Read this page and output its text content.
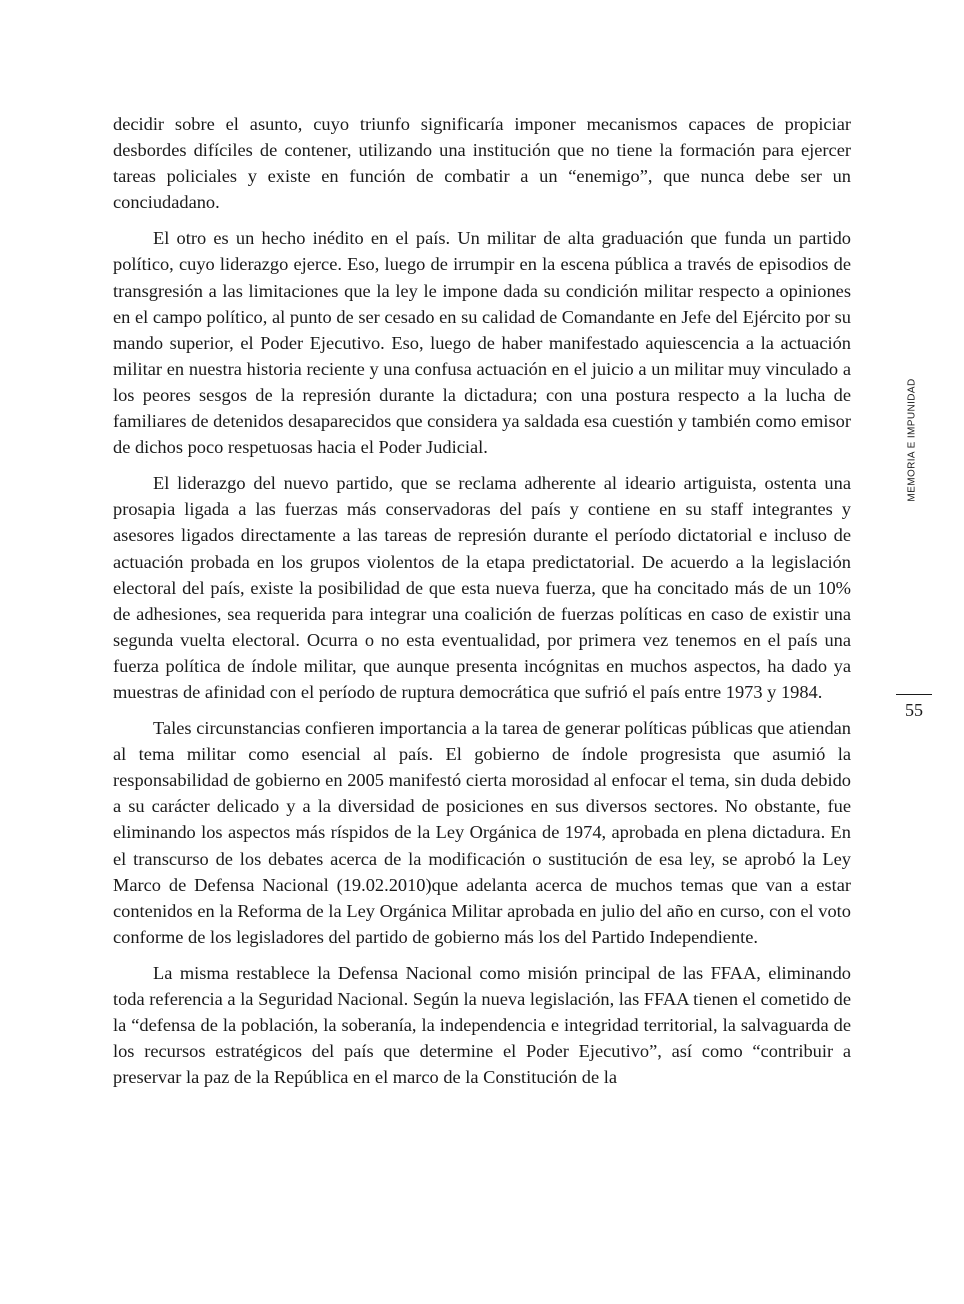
decidir sobre el asunto, cuyo triunfo significaría imponer mecanismos capaces de propiciar desbordes difíciles de contener, utilizando una institución que no tiene la formación para ejercer tareas policiales y existe en función de combatir a un “enemigo”, que nunca debe ser un conciudadano.

El otro es un hecho inédito en el país. Un militar de alta graduación que funda un partido político, cuyo liderazgo ejerce. Eso, luego de irrumpir en la escena pública a través de episodios de transgresión a las limitaciones que la ley le impone dada su condición militar respecto a opiniones en el campo político, al punto de ser cesado en su calidad de Comandante en Jefe del Ejército por su mando superior, el Poder Ejecutivo. Eso, luego de haber manifestado aquiescencia a la actuación militar en nuestra historia reciente y una confusa actuación en el juicio a un militar muy vinculado a los peores sesgos de la represión durante la dictadura; con una postura respecto a la lucha de familiares de detenidos desaparecidos que considera ya saldada esa cuestión y también como emisor de dichos poco respetuosas hacia el Poder Judicial.

El liderazgo del nuevo partido, que se reclama adherente al ideario artiguista, ostenta una prosapia ligada a las fuerzas más conservadoras del país y contiene en su staff integrantes y asesores ligados directamente a las tareas de represión durante el período dictatorial e incluso de actuación probada en los grupos violentos de la etapa predictatorial. De acuerdo a la legislación electoral del país, existe la posibilidad de que esta nueva fuerza, que ha concitado más de un 10% de adhesiones, sea requerida para integrar una coalición de fuerzas políticas en caso de existir una segunda vuelta electoral. Ocurra o no esta eventualidad, por primera vez tenemos en el país una fuerza política de índole militar, que aunque presenta incógnitas en muchos aspectos, ha dado ya muestras de afinidad con el período de ruptura democrática que sufrió el país entre 1973 y 1984.

Tales circunstancias confieren importancia a la tarea de generar políticas públicas que atiendan al tema militar como esencial al país. El gobierno de índole progresista que asumió la responsabilidad de gobierno en 2005 manifestó cierta morosidad al enfocar el tema, sin duda debido a su carácter delicado y a la diversidad de posiciones en sus diversos sectores. No obstante, fue eliminando los aspectos más ríspidos de la Ley Orgánica de 1974, aprobada en plena dictadura. En el transcurso de los debates acerca de la modificación o sustitución de esa ley, se aprobó la Ley Marco de Defensa Nacional (19.02.2010)que adelanta acerca de muchos temas que van a estar contenidos en la Reforma de la Ley Orgánica Militar aprobada en julio del año en curso, con el voto conforme de los legisladores del partido de gobierno más los del Partido Independiente.

La misma restablece la Defensa Nacional como misión principal de las FFAA, eliminando toda referencia a la Seguridad Nacional. Según la nueva legislación, las FFAA tienen el cometido de la “defensa de la población, la soberanía, la independencia e integridad territorial, la salvaguarda de los recursos estratégicos del país que determine el Poder Ejecutivo”, así como “contribuir a preservar la paz de la República en el marco de la Constitución de la

MEMORIA E IMPUNIDAD
55
